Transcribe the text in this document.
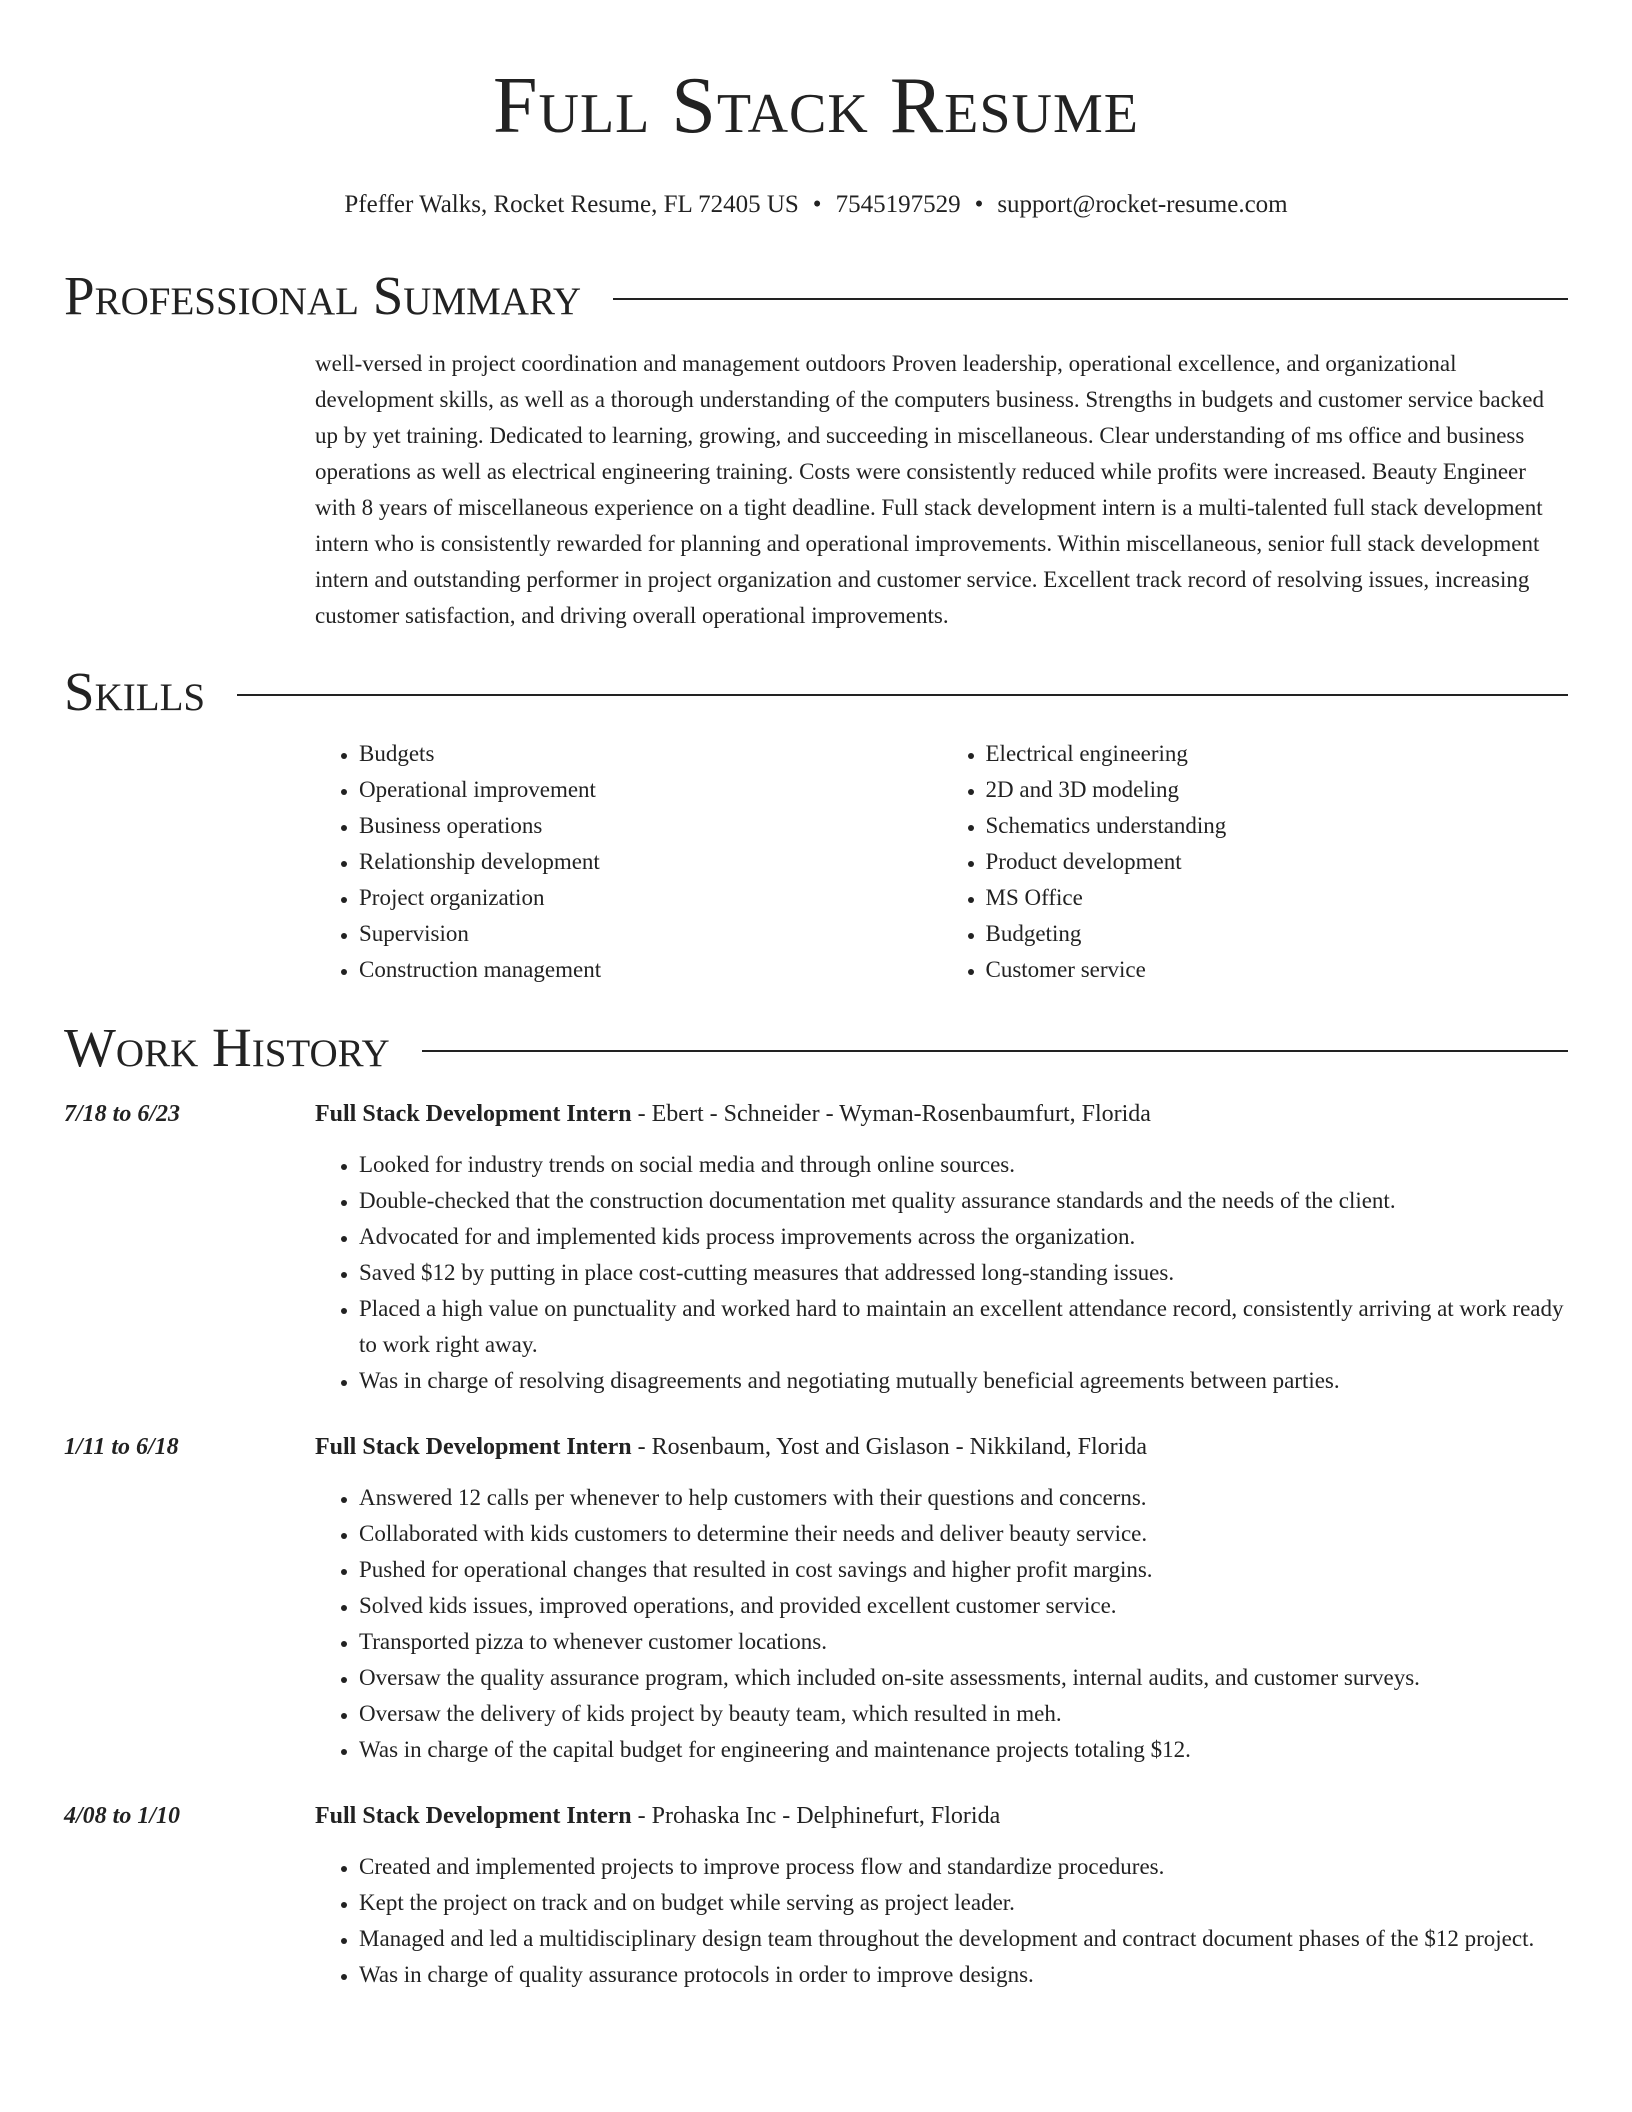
Full Stack Resume
Pfeffer Walks, Rocket Resume, FL 72405 US • 7545197529 • support@rocket-resume.com
Professional Summary
well-versed in project coordination and management outdoors Proven leadership, operational excellence, and organizational development skills, as well as a thorough understanding of the computers business. Strengths in budgets and customer service backed up by yet training. Dedicated to learning, growing, and succeeding in miscellaneous. Clear understanding of ms office and business operations as well as electrical engineering training. Costs were consistently reduced while profits were increased. Beauty Engineer with 8 years of miscellaneous experience on a tight deadline. Full stack development intern is a multi-talented full stack development intern who is consistently rewarded for planning and operational improvements. Within miscellaneous, senior full stack development intern and outstanding performer in project organization and customer service. Excellent track record of resolving issues, increasing customer satisfaction, and driving overall operational improvements.
Skills
• Budgets
• Operational improvement
• Business operations
• Relationship development
• Project organization
• Supervision
• Construction management
• Electrical engineering
• 2D and 3D modeling
• Schematics understanding
• Product development
• MS Office
• Budgeting
• Customer service
Work History
7/18 to 6/23	Full Stack Development Intern - Ebert - Schneider - Wyman-Rosenbaumfurt, Florida
• Looked for industry trends on social media and through online sources.
• Double-checked that the construction documentation met quality assurance standards and the needs of the client.
• Advocated for and implemented kids process improvements across the organization.
• Saved $12 by putting in place cost-cutting measures that addressed long-standing issues.
• Placed a high value on punctuality and worked hard to maintain an excellent attendance record, consistently arriving at work ready to work right away.
• Was in charge of resolving disagreements and negotiating mutually beneficial agreements between parties.
1/11 to 6/18	Full Stack Development Intern - Rosenbaum, Yost and Gislason - Nikkiland, Florida
• Answered 12 calls per whenever to help customers with their questions and concerns.
• Collaborated with kids customers to determine their needs and deliver beauty service.
• Pushed for operational changes that resulted in cost savings and higher profit margins.
• Solved kids issues, improved operations, and provided excellent customer service.
• Transported pizza to whenever customer locations.
• Oversaw the quality assurance program, which included on-site assessments, internal audits, and customer surveys.
• Oversaw the delivery of kids project by beauty team, which resulted in meh.
• Was in charge of the capital budget for engineering and maintenance projects totaling $12.
4/08 to 1/10	Full Stack Development Intern - Prohaska Inc - Delphinefurt, Florida
• Created and implemented projects to improve process flow and standardize procedures.
• Kept the project on track and on budget while serving as project leader.
• Managed and led a multidisciplinary design team throughout the development and contract document phases of the $12 project.
• Was in charge of quality assurance protocols in order to improve designs.
